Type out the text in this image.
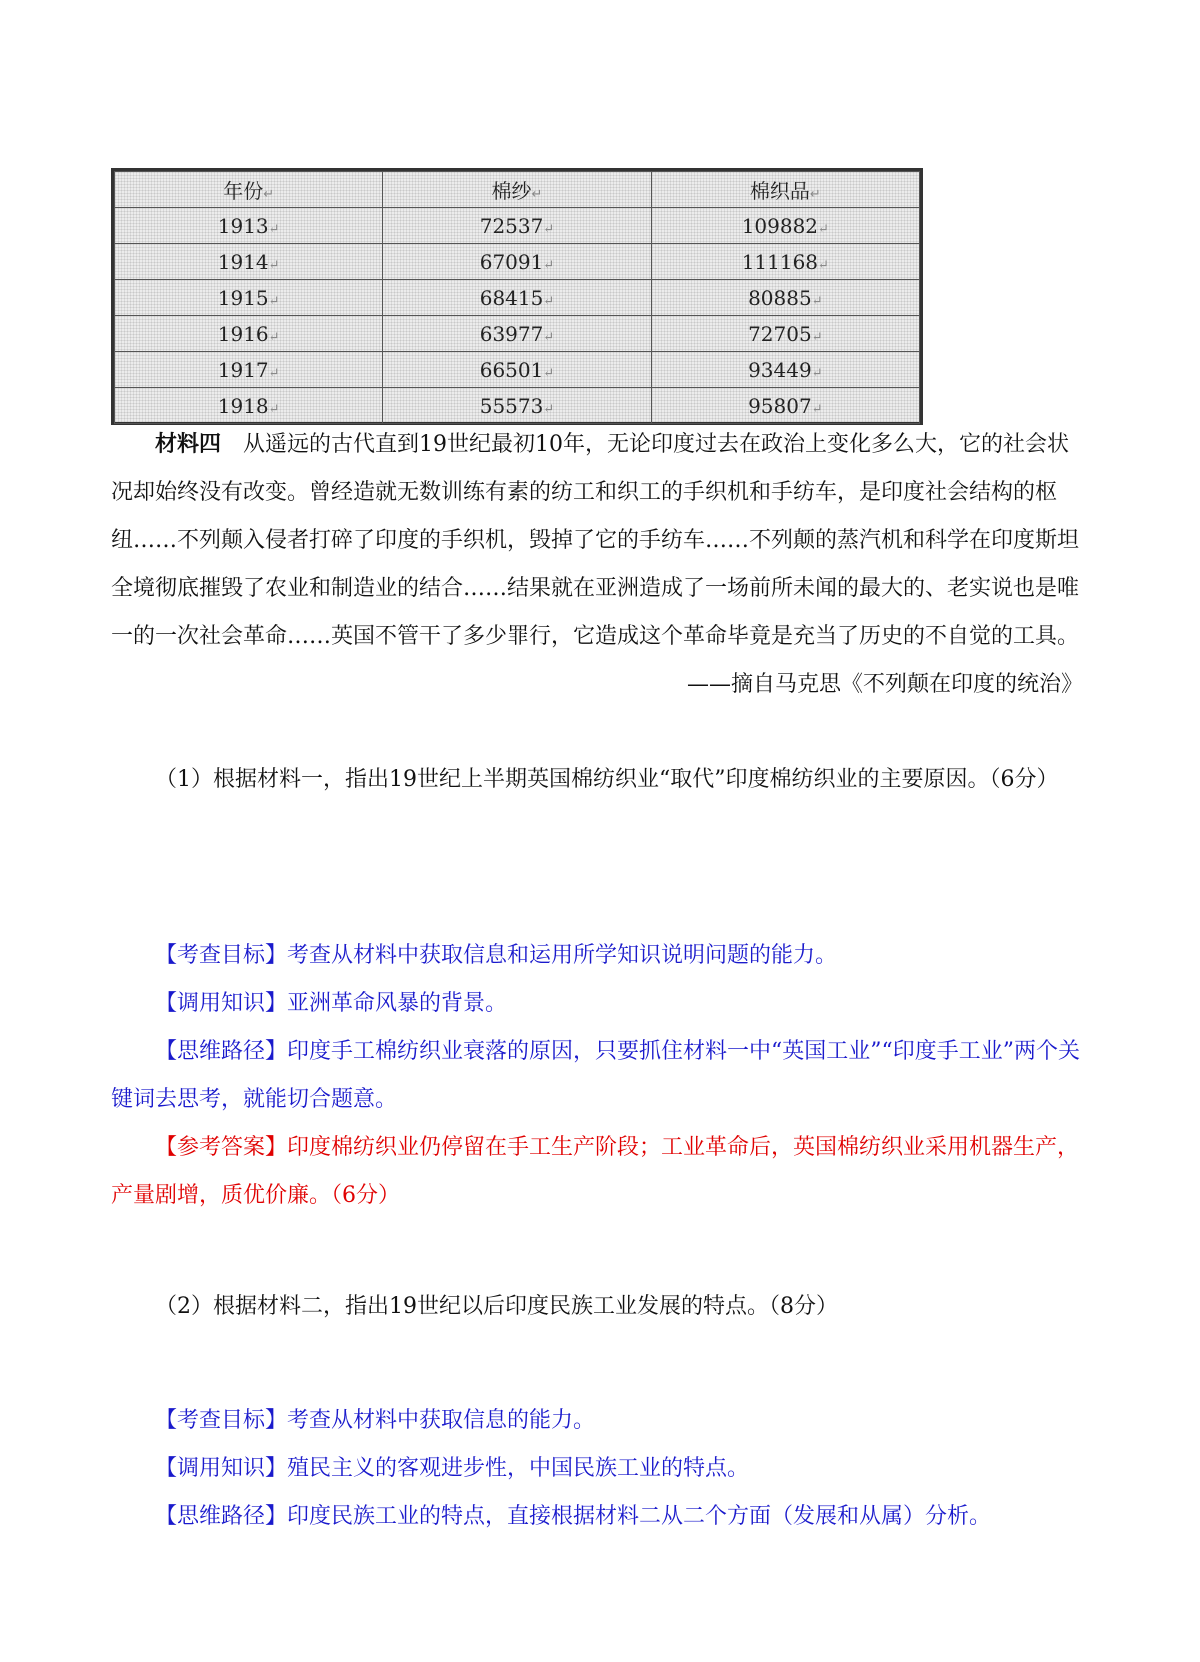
年份↵	棉纱↵	棉织品↵
1913↵	72537↵	109882↵
1914↵	67091↵	111168↵
1915↵	68415↵	80885↵
1916↵	63977↵	72705↵
1917↵	66501↵	93449↵
1918↵	55573↵	95807↵

材料四　 从遥远的古代直到19世纪最初10年，无论印度过去在政治上变化多么大，它的社会状况却始终没有改变。曾经造就无数训练有素的纺工和织工的手织机和手纺车，是印度社会结构的枢纽……不列颠入侵者打碎了印度的手织机，毁掉了它的手纺车……不列颠的蒸汽机和科学在印度斯坦全境彻底摧毁了农业和制造业的结合……结果就在亚洲造成了一场前所未闻的最大的、老实说也是唯一的一次社会革命……英国不管干了多少罪行，它造成这个革命毕竟是充当了历史的不自觉的工具。

——摘自马克思《不列颠在印度的统治》

（1）根据材料一，指出19世纪上半期英国棉纺织业“取代”印度棉纺织业的主要原因。（6分）

【考查目标】考查从材料中获取信息和运用所学知识说明问题的能力。

【调用知识】亚洲革命风暴的背景。

【思维路径】印度手工棉纺织业衰落的原因，只要抓住材料一中“英国工业”“印度手工业”两个关键词去思考，就能切合题意。

【参考答案】印度棉纺织业仍停留在手工生产阶段；工业革命后，英国棉纺织业采用机器生产，产量剧增，质优价廉。（6分）

（2）根据材料二，指出19世纪以后印度民族工业发展的特点。（8分）

【考查目标】考查从材料中获取信息的能力。

【调用知识】殖民主义的客观进步性，中国民族工业的特点。

【思维路径】印度民族工业的特点，直接根据材料二从二个方面（发展和从属）分析。
